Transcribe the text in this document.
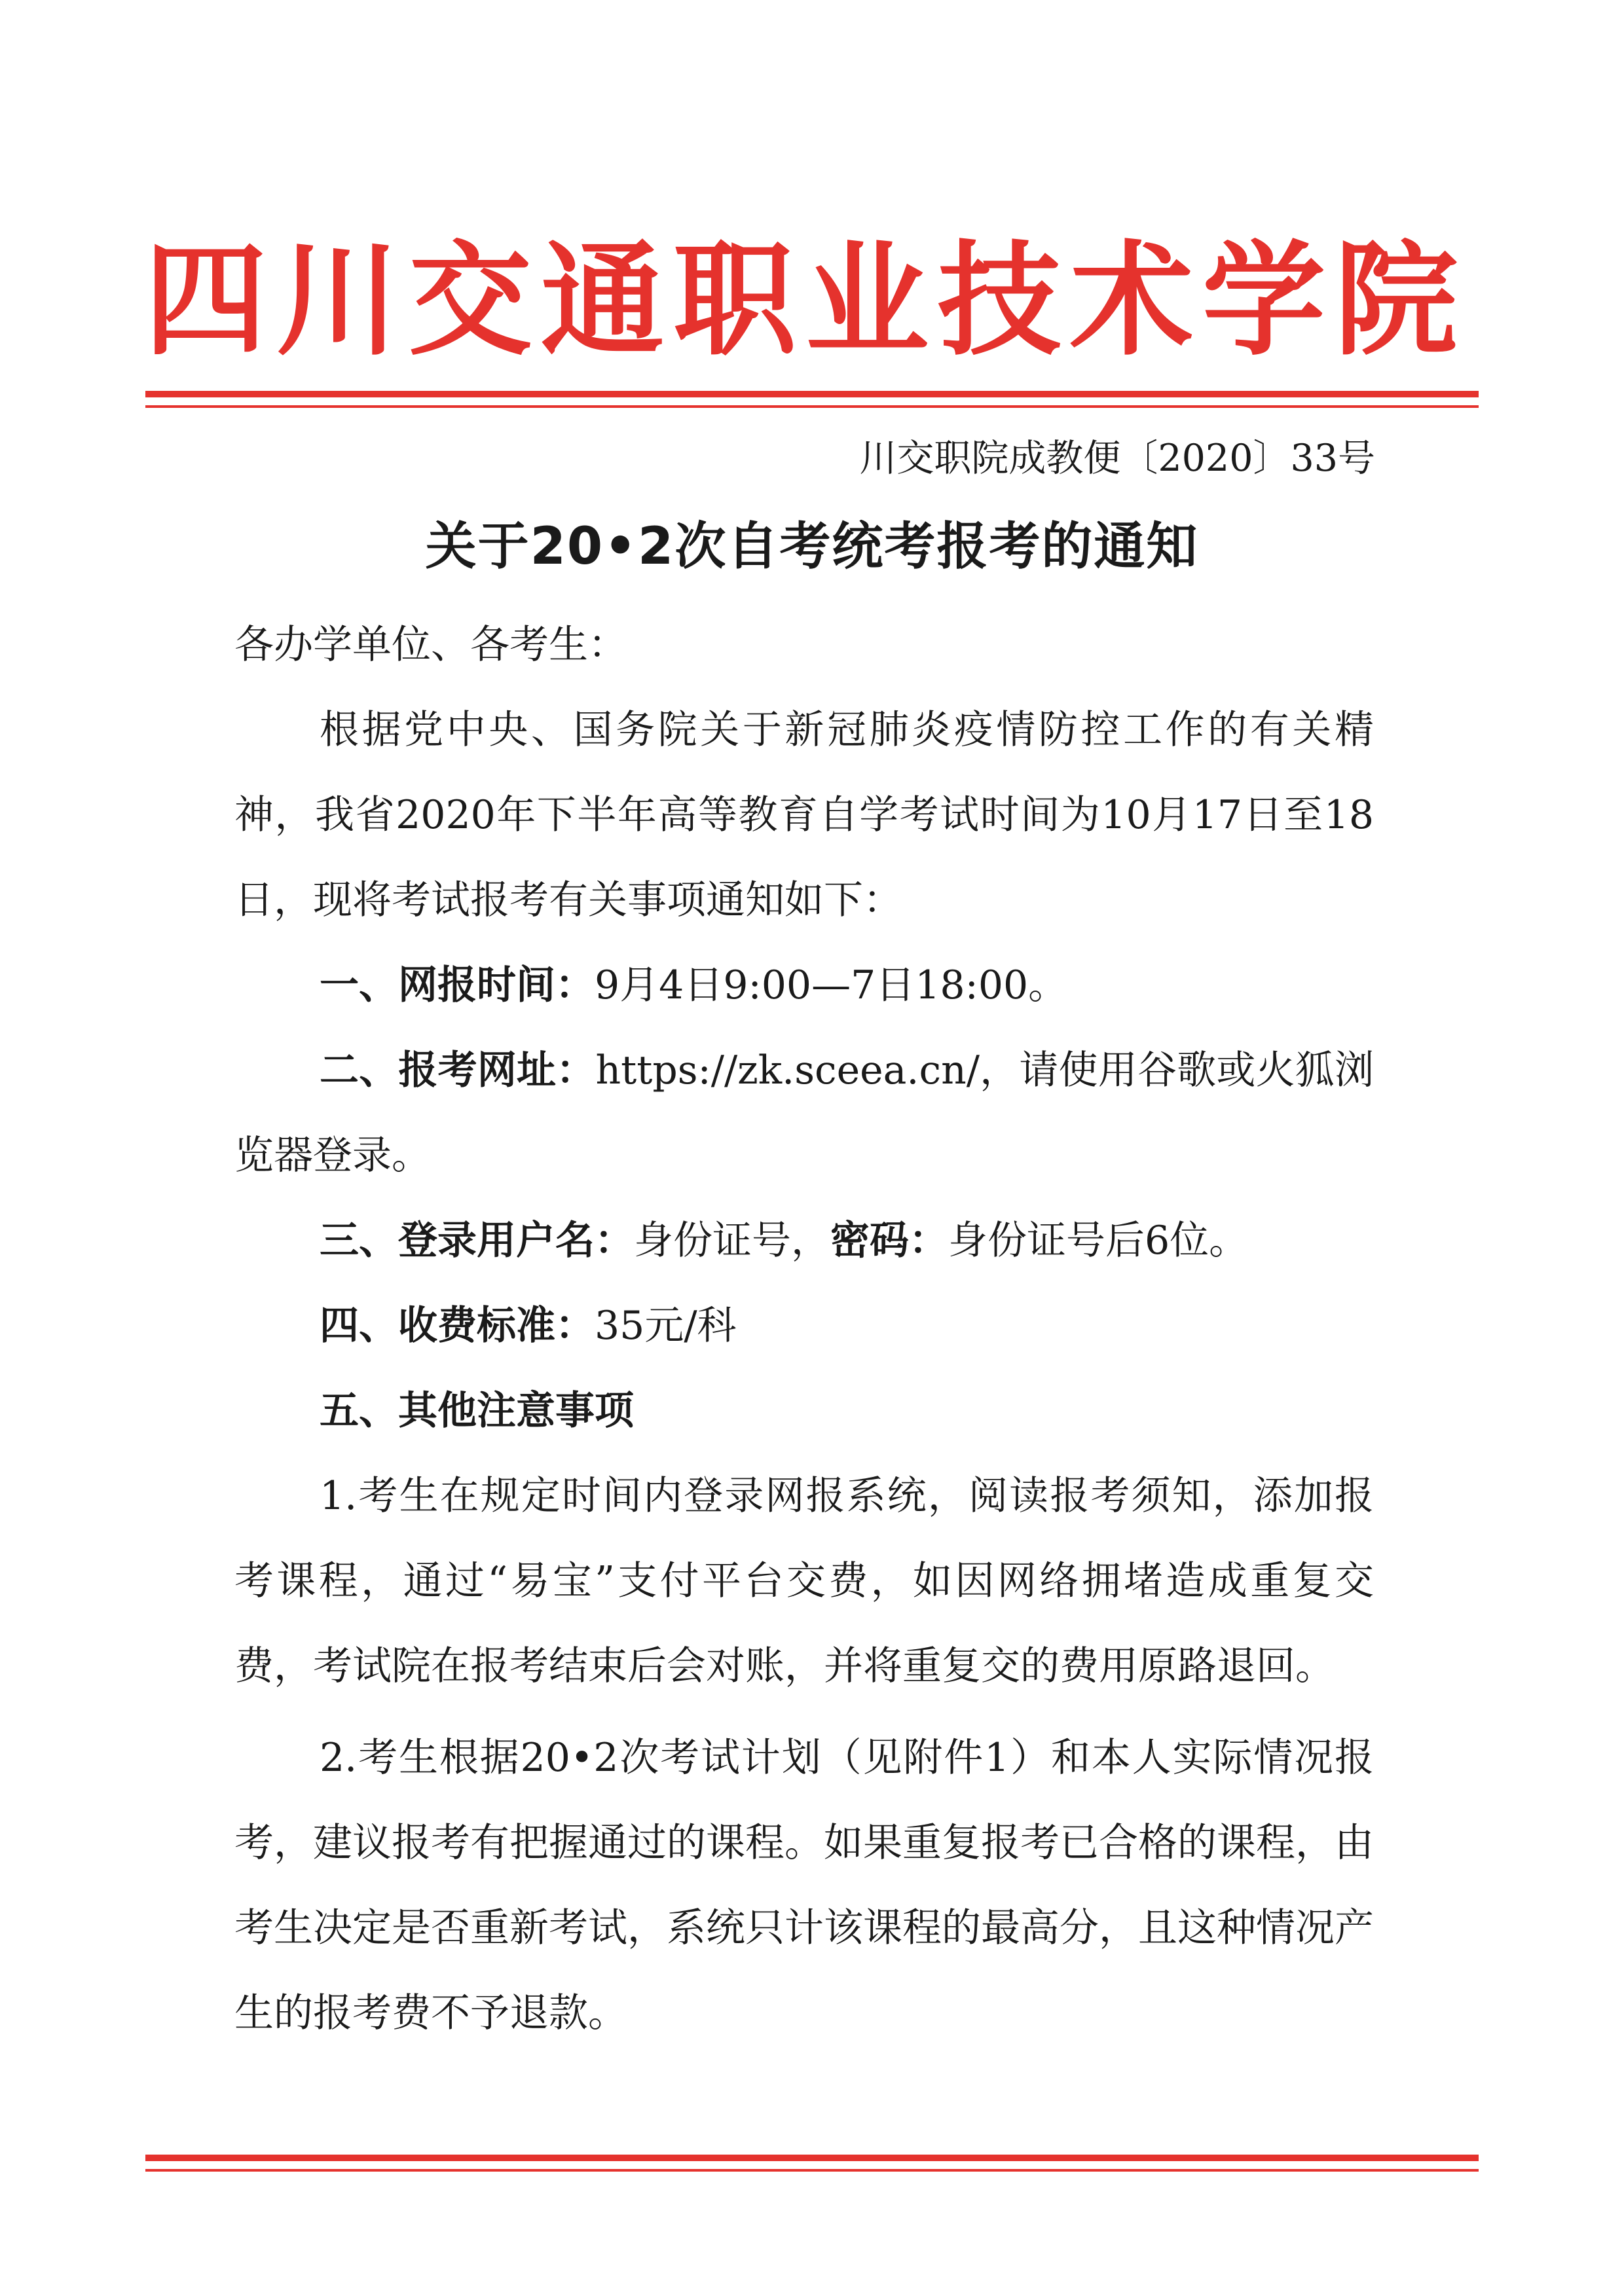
四川交通职业技术学院
川交职院成教便〔2020〕33号
关于20•2次自考统考报考的通知

各办学单位、各考生：

根据党中央、国务院关于新冠肺炎疫情防控工作的有关精神，我省2020年下半年高等教育自学考试时间为10月17日至18日，现将考试报考有关事项通知如下：

一、网报时间：9月4日9:00—7日18:00。

二、报考网址：https://zk.sceea.cn/，请使用谷歌或火狐浏览器登录。

三、登录用户名：身份证号，密码：身份证号后6位。

四、收费标准：35元/科

五、其他注意事项

1.考生在规定时间内登录网报系统，阅读报考须知，添加报考课程，通过“易宝”支付平台交费，如因网络拥堵造成重复交费，考试院在报考结束后会对账，并将重复交的费用原路退回。

2.考生根据20•2次考试计划（见附件1）和本人实际情况报考，建议报考有把握通过的课程。如果重复报考已合格的课程，由考生决定是否重新考试，系统只计该课程的最高分，且这种情况产生的报考费不予退款。
